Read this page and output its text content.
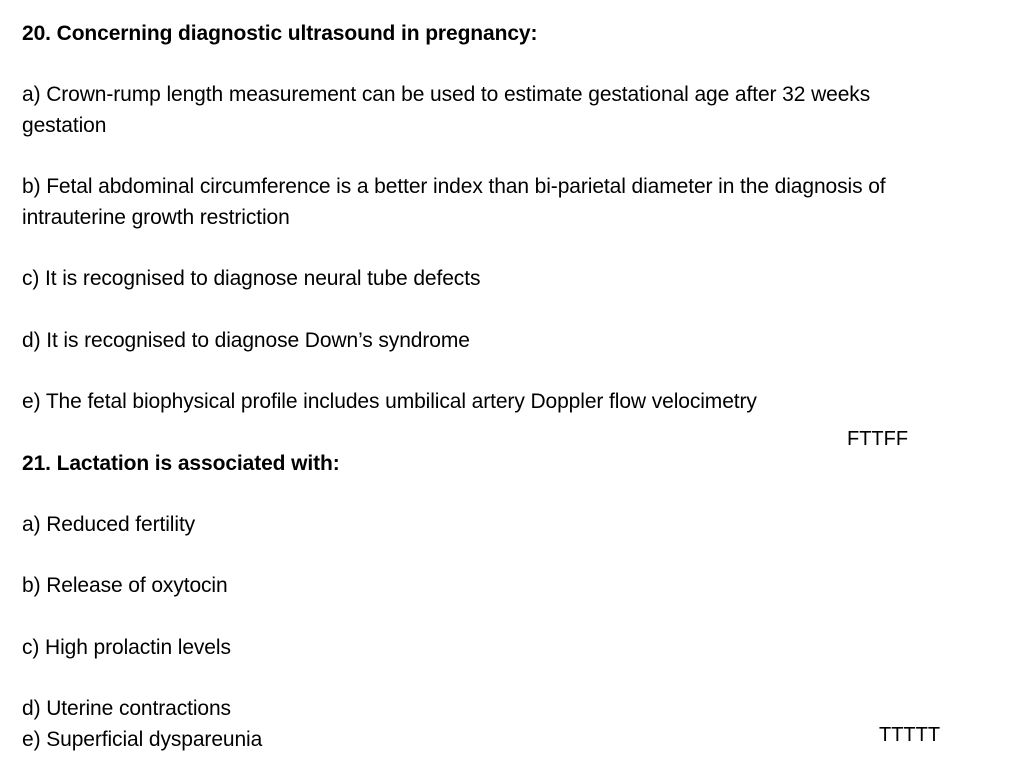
20. Concerning diagnostic ultrasound in pregnancy:
a) Crown-rump length measurement can be used to estimate gestational age after 32 weeks
gestation
b) Fetal abdominal circumference is a better index than bi-parietal diameter in the diagnosis of
intrauterine growth restriction
c) It is recognised to diagnose neural tube defects
d) It is recognised to diagnose Down’s syndrome
e) The fetal biophysical profile includes umbilical artery Doppler flow velocimetry
FTTFF
21. Lactation is associated with:
a) Reduced fertility
b) Release of oxytocin
c) High prolactin levels
d) Uterine contractions
e) Superficial dyspareunia	TTTTT
